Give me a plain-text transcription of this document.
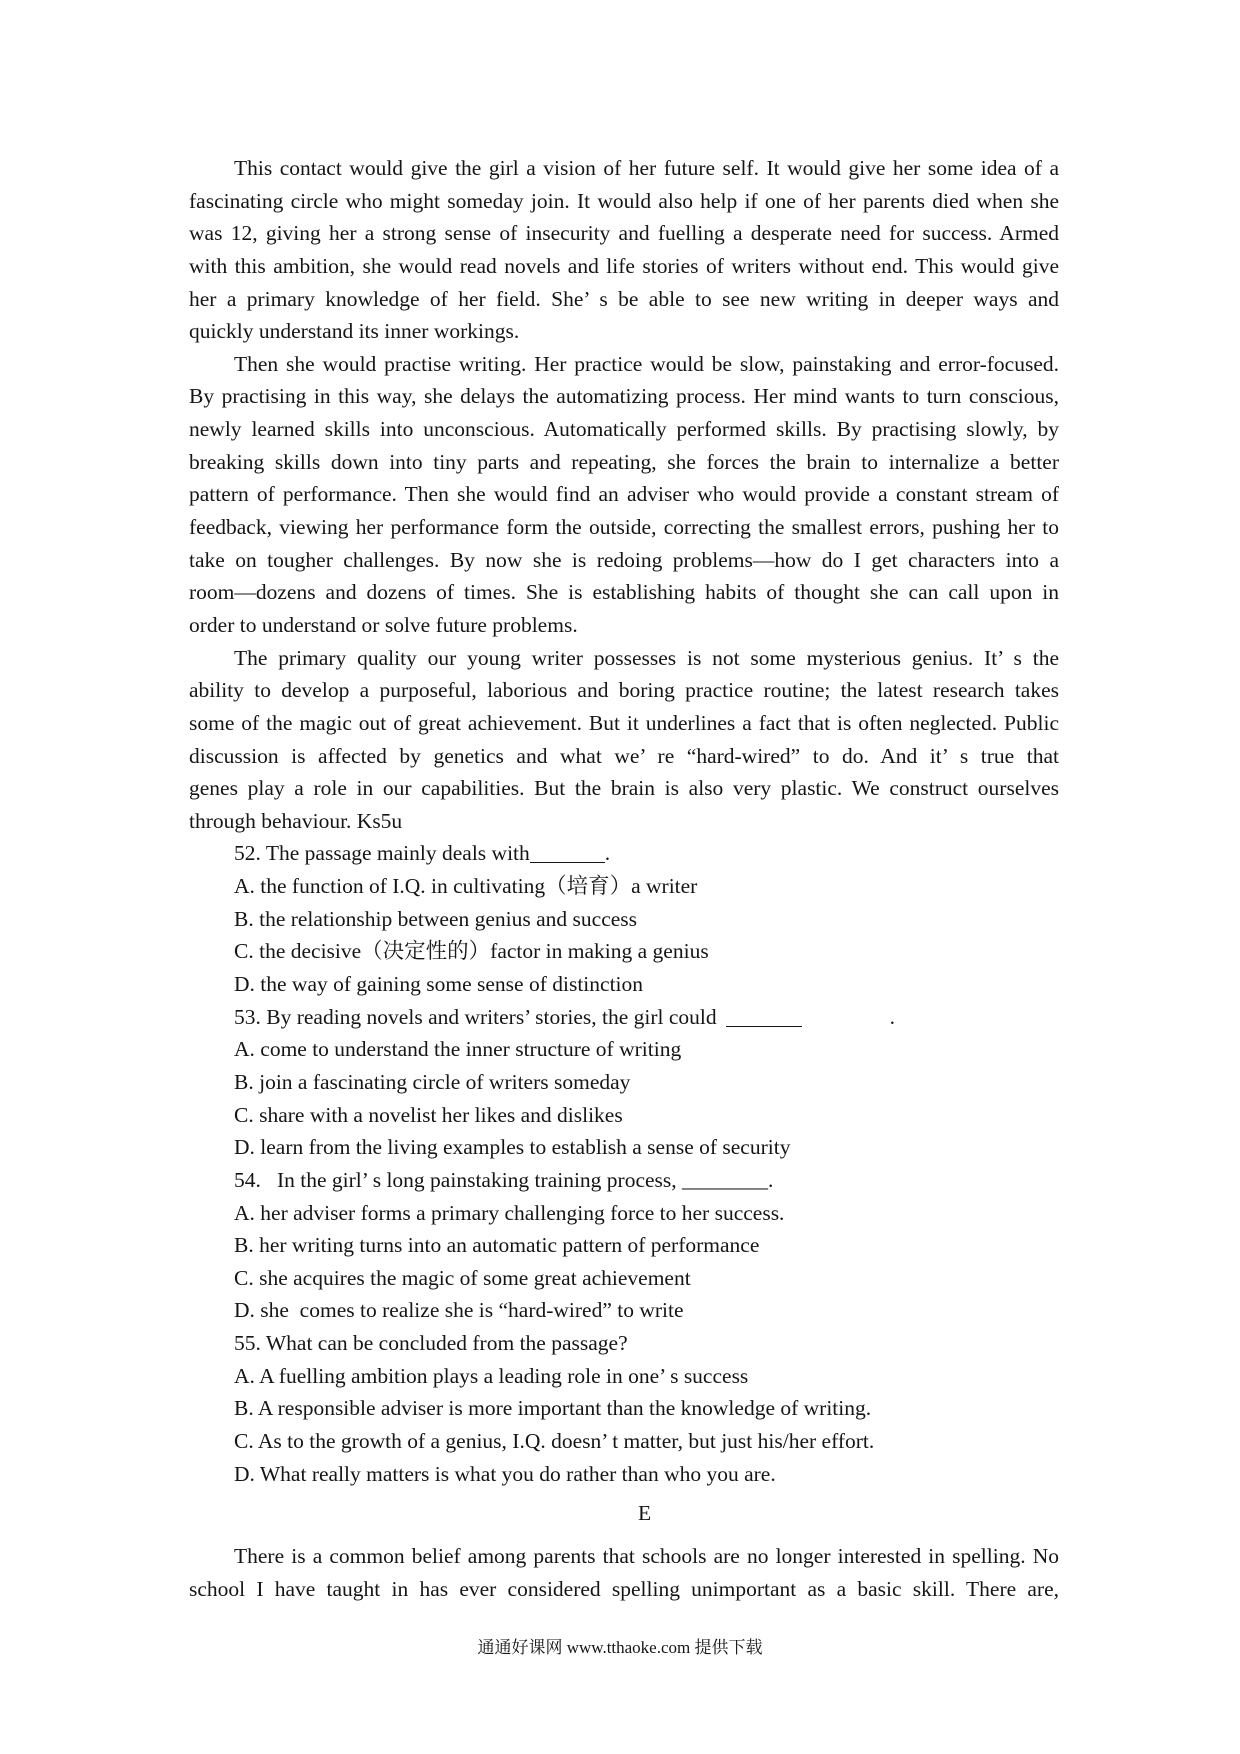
This contact would give the girl a vision of her future self. It would give her some idea of a
fascinating circle who might someday join. It would also help if one of her parents died when she
was 12, giving her a strong sense of insecurity and fuelling a desperate need for success. Armed
with this ambition, she would read novels and life stories of writers without end. This would give
her a primary knowledge of her field. She’ s be able to see new writing in deeper ways and
quickly understand its inner workings.
Then she would practise writing. Her practice would be slow, painstaking and error-focused.
By practising in this way, she delays the automatizing process. Her mind wants to turn conscious,
newly learned skills into unconscious. Automatically performed skills. By practising slowly, by
breaking skills down into tiny parts and repeating, she forces the brain to internalize a better
pattern of performance. Then she would find an adviser who would provide a constant stream of
feedback, viewing her performance form the outside, correcting the smallest errors, pushing her to
take on tougher challenges. By now she is redoing problems—how do I get characters into a
room—dozens and dozens of times. She is establishing habits of thought she can call upon in
order to understand or solve future problems.
The primary quality our young writer possesses is not some mysterious genius. It’ s the
ability to develop a purposeful, laborious and boring practice routine; the latest research takes
some of the magic out of great achievement. But it underlines a fact that is often neglected. Public
discussion is affected by genetics and what we’ re “hard-wired” to do. And it’ s true that
genes play a role in our capabilities. But the brain is also very plastic. We construct ourselves
through behaviour. Ks5u
52. The passage mainly deals with	.
A. the function of I.Q. in cultivating（培育）a writer
B. the relationship between genius and success
C. the decisive（决定性的）factor in making a genius
D. the way of gaining some sense of distinction
53. By reading novels and writers’ stories, the girl could	.
A. come to understand the inner structure of writing
B. join a fascinating circle of writers someday
C. share with a novelist her likes and dislikes
D. learn from the living examples to establish a sense of security
54.   In the girl’ s long painstaking training process, ________.
A. her adviser forms a primary challenging force to her success.
B. her writing turns into an automatic pattern of performance
C. she acquires the magic of some great achievement
D. she  comes to realize she is “hard-wired” to write
55. What can be concluded from the passage?
A. A fuelling ambition plays a leading role in one’ s success
B. A responsible adviser is more important than the knowledge of writing.
C. As to the growth of a genius, I.Q. doesn’ t matter, but just his/her effort.
D. What really matters is what you do rather than who you are.
E
There is a common belief among parents that schools are no longer interested in spelling. No
school I have taught in has ever considered spelling unimportant as a basic skill. There are,
通通好课网 www.tthaoke.com 提供下载
